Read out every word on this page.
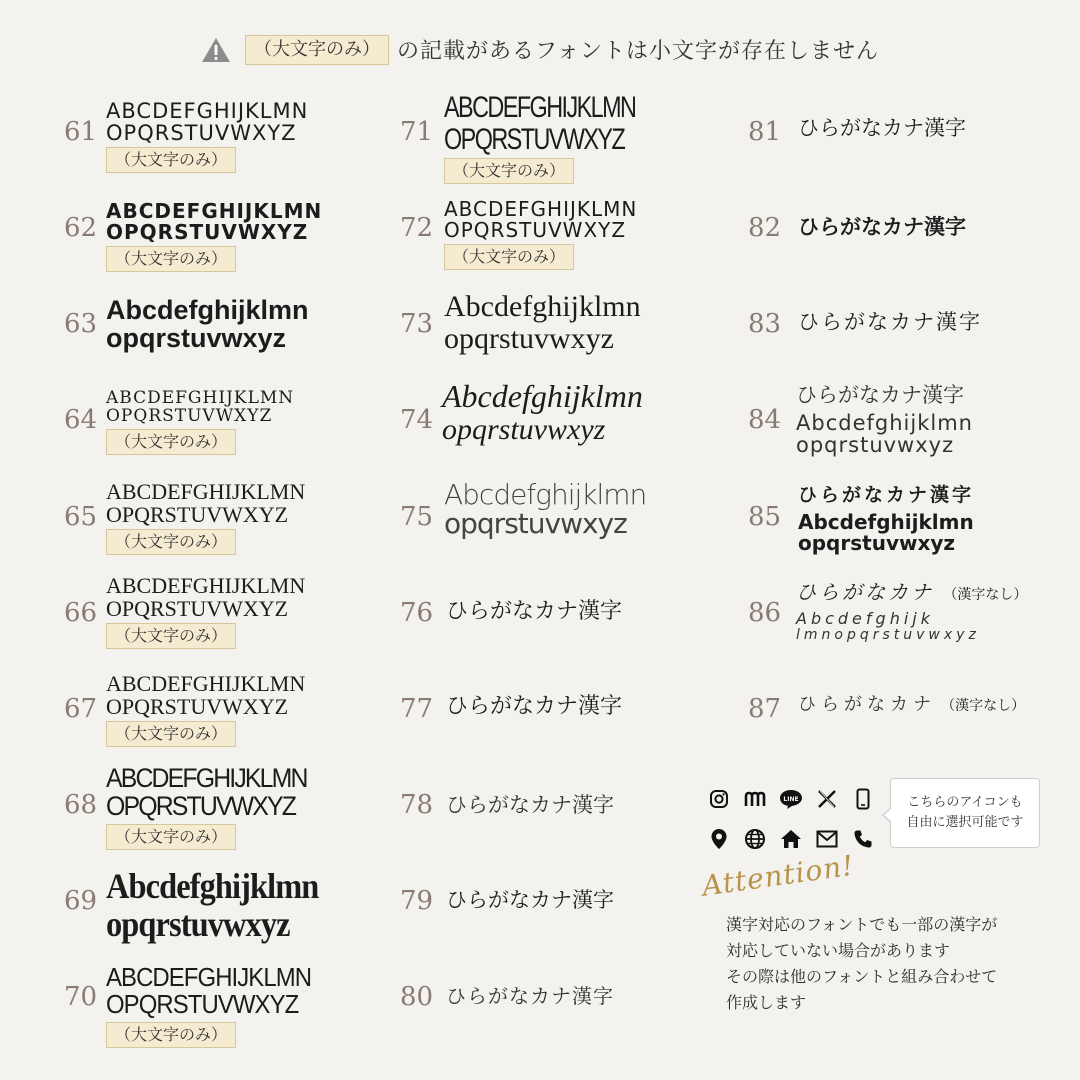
（大文字のみ） の記載があるフォントは小文字が存在しません
61
ABCDEFGHIJKLMN
OPQRSTUVWXYZ
（大文字のみ）
62
ABCDEFGHIJKLMN
OPQRSTUVWXYZ
（大文字のみ）
63 Abcdefghijklmn
opqrstuvwxyz
64
ABCDEFGHIJKLMN
OPQRSTUVWXYZ
（大文字のみ）
65
ABCDEFGHIJKLMN
OPQRSTUVWXYZ
（大文字のみ）
66
ABCDEFGHIJKLMN
OPQRSTUVWXYZ
（大文字のみ）
67
ABCDEFGHIJKLMN
OPQRSTUVWXYZ
（大文字のみ）
68
ABCDEFGHIJKLMN
OPQRSTUVWXYZ
（大文字のみ）
69 Abcdefghijklmn
opqrstuvwxyz
70
ABCDEFGHIJKLMN
OPQRSTUVWXYZ
（大文字のみ）
71
ABCDEFGHIJKLMN
OPQRSTUVWXYZ
（大文字のみ）
72
ABCDEFGHIJKLMN
OPQRSTUVWXYZ
（大文字のみ）
73
Abcdefghijklmn
opqrstuvwxyz
74
Abcdefghijklmn
opqrstuvwxyz
75
Abcdefghijklmn
opqrstuvwxyz
76 ひらがなカナ漢字
77 ひらがなカナ漢字
78 ひらがなカナ漢字
79 ひらがなカナ漢字
80 ひらがなカナ漢字
81 ひらがなカナ漢字
82 ひらがなカナ漢字
83 ひらがなカナ漢字
84
ひらがなカナ漢字
Abcdefghijklmn
opqrstuvwxyz
85
ひらがなカナ漢字
Abcdefghijklmn
opqrstuvwxyz
86
ひらがなカナ （漢字なし）
Abcdefghijk
lmnopqrstuvwxyz
87 ひらがなカナ （漢字なし）
LINE	こちらのアイコンも
自由に選択可能です
Attention!
漢字対応のフォントでも一部の漢字が
対応していない場合があります
その際は他のフォントと組み合わせて
作成します
